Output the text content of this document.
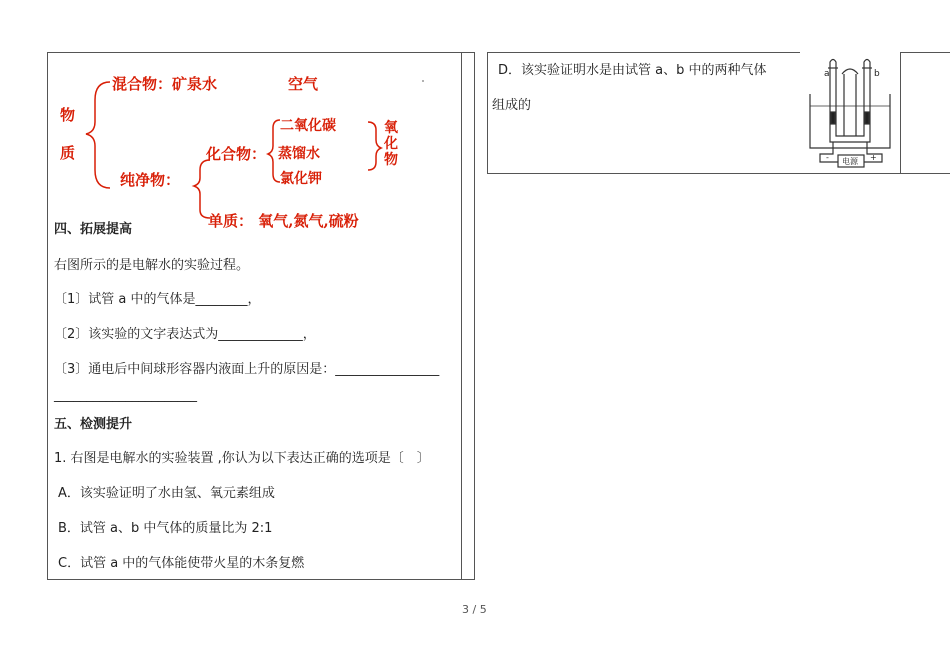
物
质
混合物：矿泉水	空气
纯净物：
化合物：
二氧化碳
蒸馏水
氯化钾
氧
化
物
单质： 氧气,氮气,硫粉
四、拓展提高
右图所示的是电解水的实验过程。
〔1〕试管 a 中的气体是________，
〔2〕该实验的文字表达式为_____________，
〔3〕通电后中间球形容器内液面上升的原因是：________________
______________________
五、检测提升
1. 右图是电解水的实验装置 ,你认为以下表达正确的选项是〔　〕
A．该实验证明了水由氢、氧元素组成
B．试管 a、b 中气体的质量比为 2:1
C．试管 a 中的气体能使带火星的木条复燃
D．该实验证明水是由试管 a、b 中的两种气体
组成的
a	b
电源
-	+
3 / 5
